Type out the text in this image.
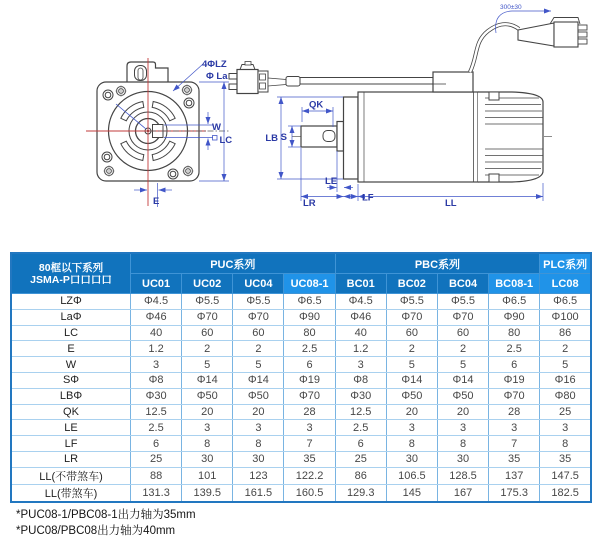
4ΦLZ
Φ La
W
LC
E
300±30
LB S
QK
LE
LR	LF	LL
80框以下系列
JSMA-P口口口口	PUC系列				PBC系列				PLC系列
	UC01	UC02	UC04	UC08-1	BC01	BC02	BC04	BC08-1	LC08
LZΦ	Φ4.5	Φ5.5	Φ5.5	Φ6.5	Φ4.5	Φ5.5	Φ5.5	Φ6.5	Φ6.5
LaΦ	Φ46	Φ70	Φ70	Φ90	Φ46	Φ70	Φ70	Φ90	Φ100
LC	40	60	60	80	40	60	60	80	86
E	1.2	2	2	2.5	1.2	2	2	2.5	2
W	3	5	5	6	3	5	5	6	5
SΦ	Φ8	Φ14	Φ14	Φ19	Φ8	Φ14	Φ14	Φ19	Φ16
LBΦ	Φ30	Φ50	Φ50	Φ70	Φ30	Φ50	Φ50	Φ70	Φ80
QK	12.5	20	20	28	12.5	20	20	28	25
LE	2.5	3	3	3	2.5	3	3	3	3
LF	6	8	8	7	6	8	8	7	8
LR	25	30	30	35	25	30	30	35	35
LL(不带煞车)	88	101	123	122.2	86	106.5	128.5	137	147.5
LL(带煞车)	131.3	139.5	161.5	160.5	129.3	145	167	175.3	182.5
*PUC08-1/PBC08-1出力轴为35mm
*PUC08/PBC08出力轴为40mm
